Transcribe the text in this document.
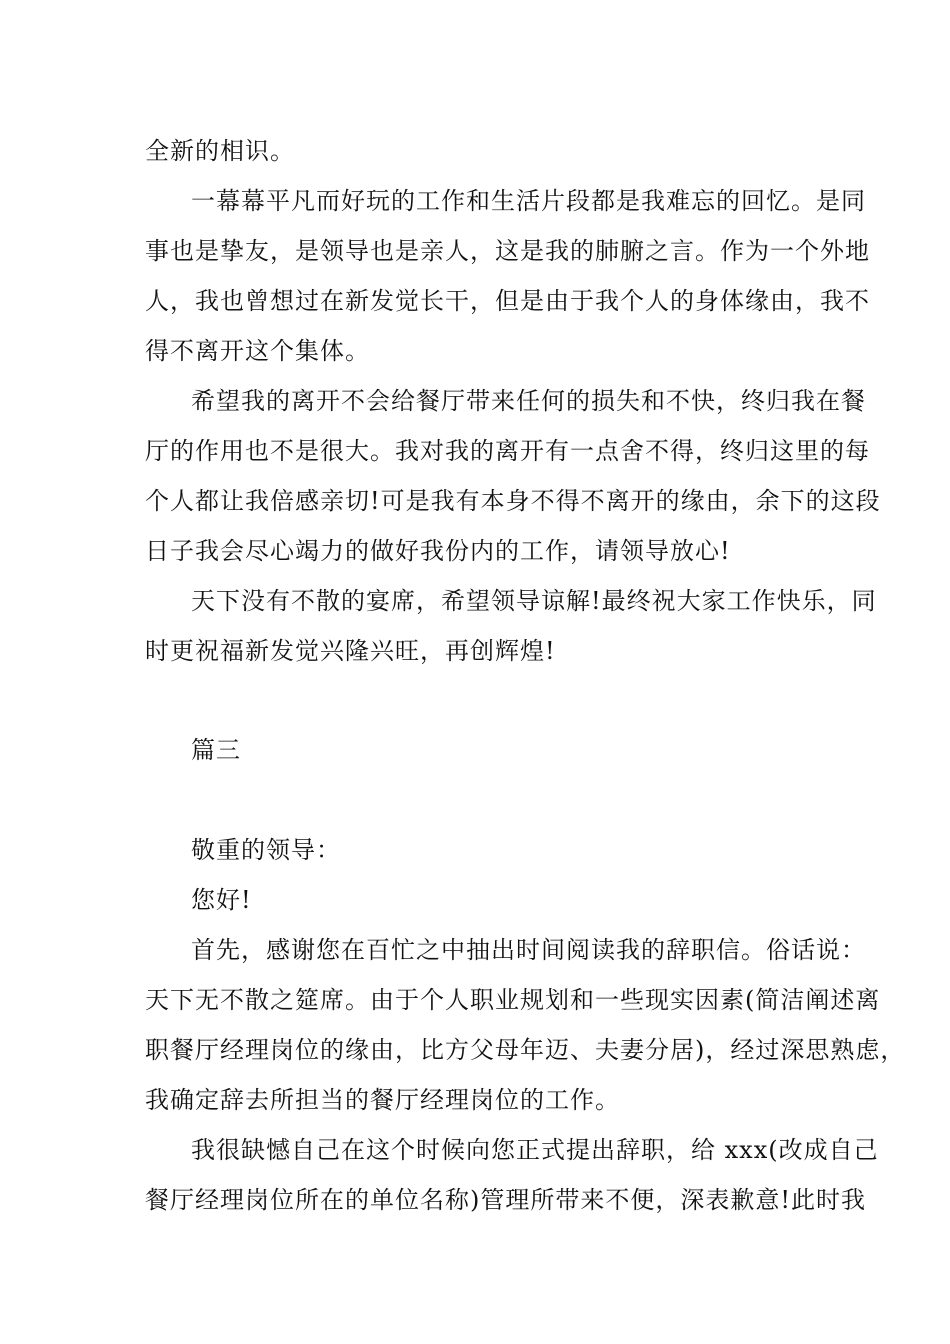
全新的相识。
一幕幕平凡而好玩的工作和生活片段都是我难忘的回忆。是同
事也是挚友，是领导也是亲人，这是我的肺腑之言。作为一个外地
人，我也曾想过在新发觉长干，但是由于我个人的身体缘由，我不
得不离开这个集体。
希望我的离开不会给餐厅带来任何的损失和不快，终归我在餐
厅的作用也不是很大。我对我的离开有一点舍不得，终归这里的每
个人都让我倍感亲切!可是我有本身不得不离开的缘由，余下的这段
日子我会尽心竭力的做好我份内的工作，请领导放心!
天下没有不散的宴席，希望领导谅解!最终祝大家工作快乐，同
时更祝福新发觉兴隆兴旺，再创辉煌!
篇三
敬重的领导：
您好!
首先，感谢您在百忙之中抽出时间阅读我的辞职信。俗话说：
天下无不散之筵席。由于个人职业规划和一些现实因素(简洁阐述离
职餐厅经理岗位的缘由，比方父母年迈、夫妻分居)，经过深思熟虑，
我确定辞去所担当的餐厅经理岗位的工作。
我很缺憾自己在这个时候向您正式提出辞职，给 xxx(改成自己
餐厅经理岗位所在的单位名称)管理所带来不便，深表歉意!此时我
